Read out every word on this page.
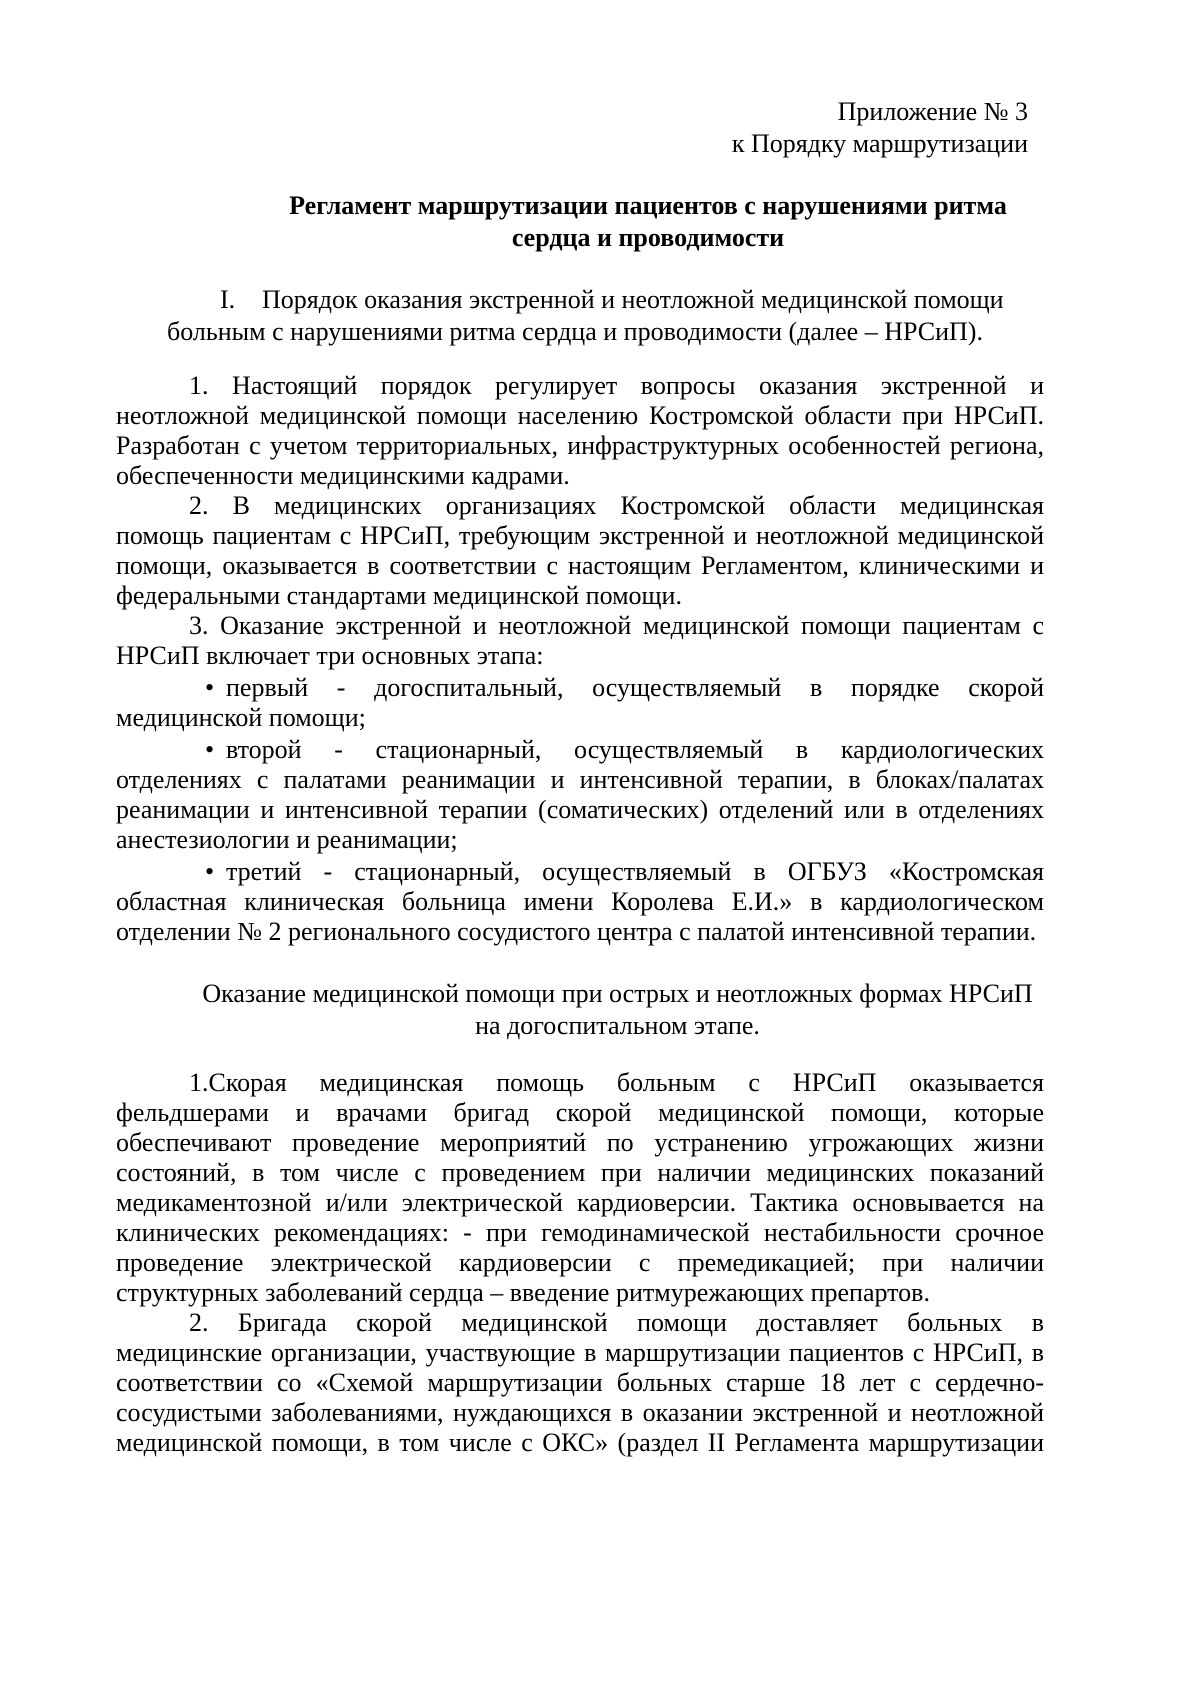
Приложение № 3
к Порядку маршрутизации
Регламент маршрутизации пациентов с нарушениями ритма
сердца и проводимости
I.	Порядок оказания экстренной и неотложной медицинской помощи
больным с нарушениями ритма сердца и проводимости (далее – НРСиП).
1. Настоящий порядок регулирует вопросы оказания экстренной и
неотложной медицинской помощи населению Костромской области при НРСиП.
Разработан с учетом территориальных, инфраструктурных особенностей региона,
обеспеченности медицинскими кадрами.
2. В медицинских организациях Костромской области медицинская
помощь пациентам с НРСиП, требующим экстренной и неотложной медицинской
помощи, оказывается в соответствии с настоящим Регламентом, клиническими и
федеральными стандартами медицинской помощи.
3. Оказание экстренной и неотложной медицинской помощи пациентам с
НРСиП включает три основных этапа:
• первый - догоспитальный, осуществляемый в порядке скорой
медицинской помощи;
• второй - стационарный, осуществляемый в кардиологических
отделениях с палатами реанимации и интенсивной терапии, в блоках/палатах
реанимации и интенсивной терапии (соматических) отделений или в отделениях
анестезиологии и реанимации;
• третий - стационарный, осуществляемый в ОГБУЗ «Костромская
областная клиническая больница имени Королева Е.И.» в кардиологическом
отделении № 2 регионального сосудистого центра с палатой интенсивной терапии.
Оказание медицинской помощи при острых и неотложных формах НРСиП
на догоспитальном этапе.
1.Скорая медицинская помощь больным с НРСиП оказывается
фельдшерами и врачами бригад скорой медицинской помощи, которые
обеспечивают проведение мероприятий по устранению угрожающих жизни
состояний, в том числе с проведением при наличии медицинских показаний
медикаментозной и/или электрической кардиоверсии. Тактика основывается на
клинических рекомендациях: - при гемодинамической нестабильности срочное
проведение электрической кардиоверсии с премедикацией; при наличии
структурных заболеваний сердца – введение ритмурежающих препартов.
2. Бригада скорой медицинской помощи доставляет больных в
медицинские организации, участвующие в маршрутизации пациентов с НРСиП, в
соответствии со «Схемой маршрутизации больных старше 18 лет с сердечно-
сосудистыми заболеваниями, нуждающихся в оказании экстренной и неотложной
медицинской помощи, в том числе с ОКС» (раздел II Регламента маршрутизации
